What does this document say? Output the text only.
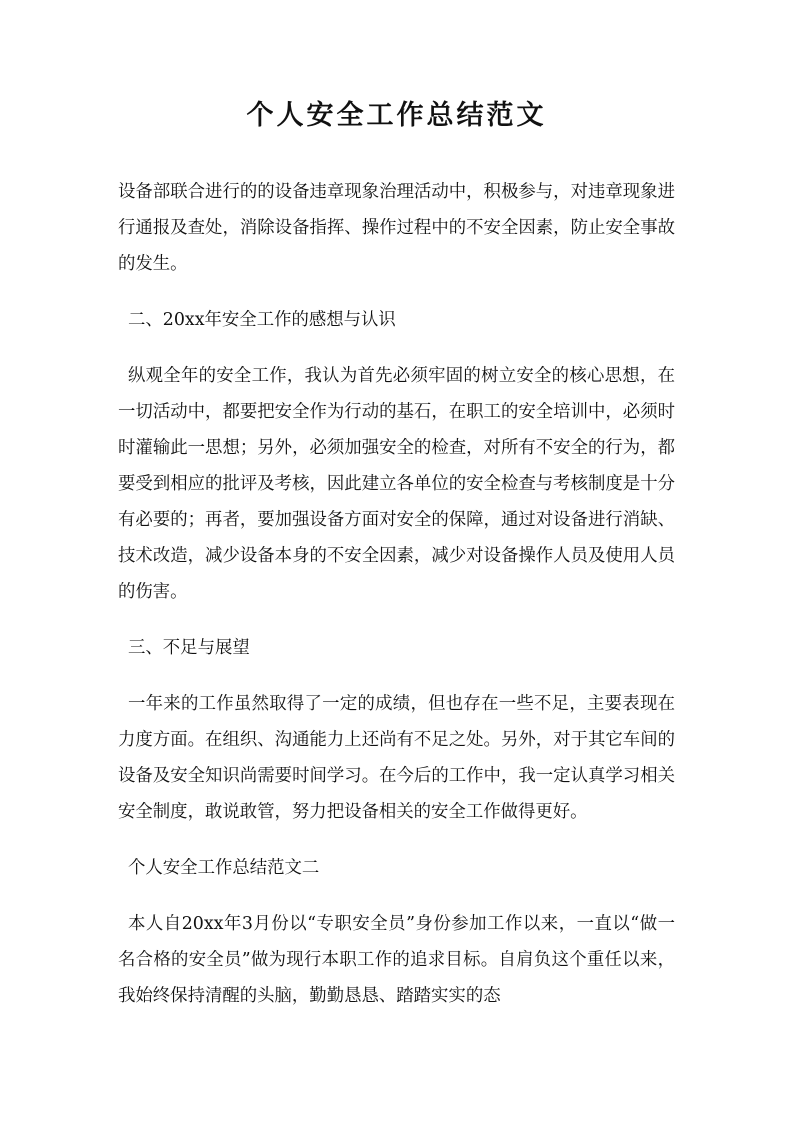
个人安全工作总结范文

设备部联合进行的的设备违章现象治理活动中，积极参与，对违章现象进行通报及查处，消除设备指挥、操作过程中的不安全因素，防止安全事故的发生。

二、20xx年安全工作的感想与认识

纵观全年的安全工作，我认为首先必须牢固的树立安全的核心思想，在一切活动中，都要把安全作为行动的基石，在职工的安全培训中，必须时时灌输此一思想；另外，必须加强安全的检查，对所有不安全的行为，都要受到相应的批评及考核，因此建立各单位的安全检查与考核制度是十分有必要的；再者，要加强设备方面对安全的保障，通过对设备进行消缺、技术改造，减少设备本身的不安全因素，减少对设备操作人员及使用人员的伤害。

三、不足与展望

一年来的工作虽然取得了一定的成绩，但也存在一些不足，主要表现在力度方面。在组织、沟通能力上还尚有不足之处。另外，对于其它车间的设备及安全知识尚需要时间学习。在今后的工作中，我一定认真学习相关安全制度，敢说敢管，努力把设备相关的安全工作做得更好。

个人安全工作总结范文二

本人自20xx年3月份以“专职安全员”身份参加工作以来，一直以“做一名合格的安全员”做为现行本职工作的追求目标。自肩负这个重任以来，我始终保持清醒的头脑，勤勤恳恳、踏踏实实的态
